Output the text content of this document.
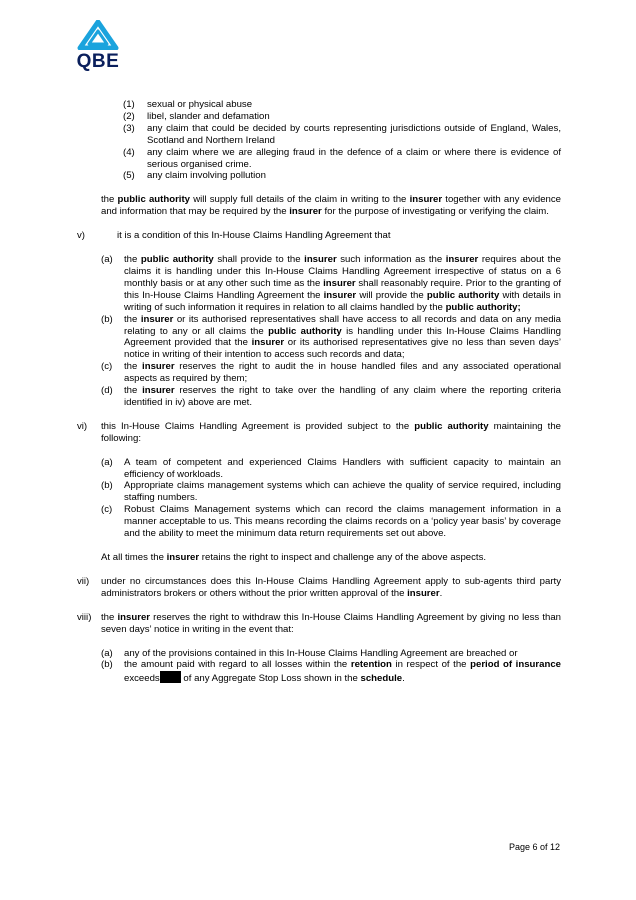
QBE
(1)	sexual or physical abuse
(2)	libel, slander and defamation
(3)	any claim that could be decided by courts representing jurisdictions outside of England, Wales, Scotland and Northern Ireland
(4)	any claim where we are alleging fraud in the defence of a claim or where there is evidence of serious organised crime.
(5)	any claim involving pollution
the public authority will supply full details of the claim in writing to the insurer together with any evidence and information that may be required by the insurer for the purpose of investigating or verifying the claim.
v)	it is a condition of this In-House Claims Handling Agreement that
(a)	the public authority shall provide to the insurer such information as the insurer requires about the claims it is handling under this In-House Claims Handling Agreement irrespective of status on a 6 monthly basis or at any other such time as the insurer shall reasonably require. Prior to the granting of this In-House Claims Handling Agreement the insurer will provide the public authority with details in writing of such information it requires in relation to all claims handled by the public authority;
(b)	the insurer or its authorised representatives shall have access to all records and data on any media relating to any or all claims the public authority is handling under this In-House Claims Handling Agreement provided that the insurer or its authorised representatives give no less than seven days’ notice in writing of their intention to access such records and data;
(c)	the insurer reserves the right to audit the in house handled files and any associated operational aspects as required by them;
(d)	the insurer reserves the right to take over the handling of any claim where the reporting criteria identified in iv) above are met.
vi)	this In-House Claims Handling Agreement is provided subject to the public authority maintaining the following:
(a)	A team of competent and experienced Claims Handlers with sufficient capacity to maintain an efficiency of workloads.
(b)	Appropriate claims management systems which can achieve the quality of service required, including staffing numbers.
(c)	Robust Claims Management systems which can record the claims management information in a manner acceptable to us. This means recording the claims records on a ‘policy year basis’ by coverage and the ability to meet the minimum data return requirements set out above.
At all times the insurer retains the right to inspect and challenge any of the above aspects.
vii)	under no circumstances does this In-House Claims Handling Agreement apply to sub-agents third party administrators brokers or others without the prior written approval of the insurer.
viii)	the insurer reserves the right to withdraw this In-House Claims Handling Agreement by giving no less than seven days’ notice in writing in the event that:
(a)	any of the provisions contained in this In-House Claims Handling Agreement are breached or
(b)	the amount paid with regard to all losses within the retention in respect of the period of insurance exceeds of any Aggregate Stop Loss shown in the schedule.
Page 6 of 12
